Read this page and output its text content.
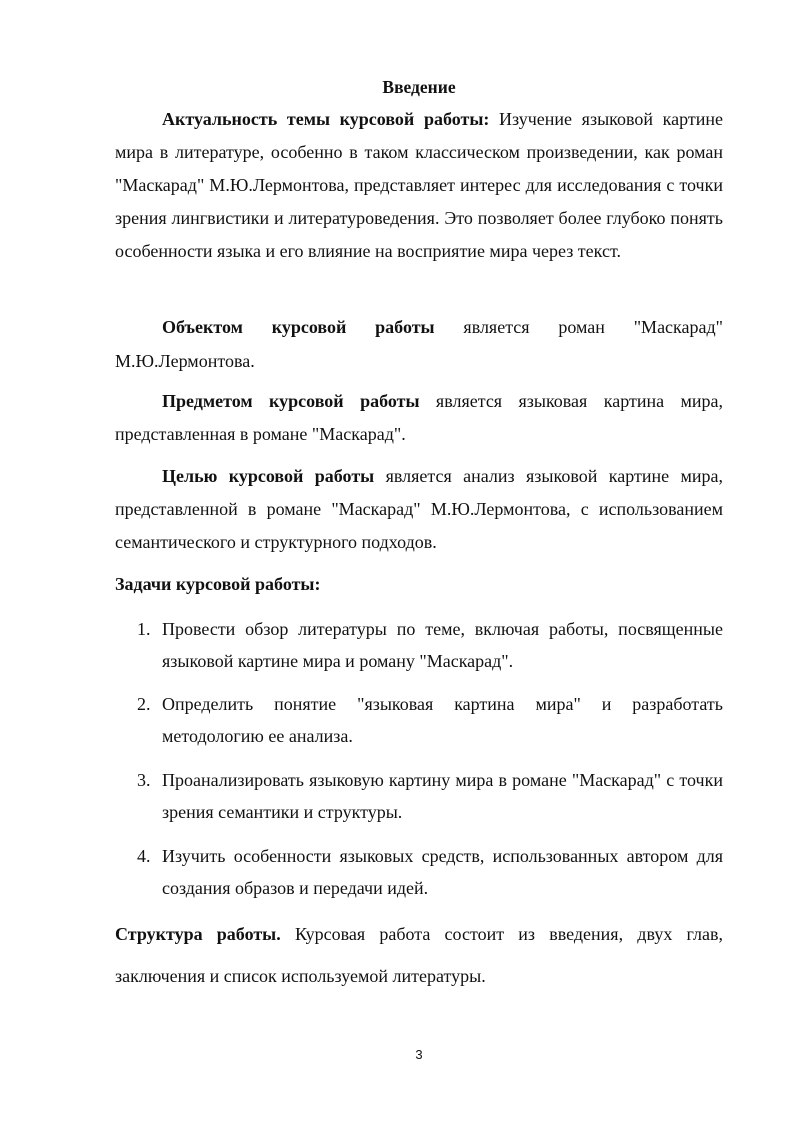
Введение

Актуальность темы курсовой работы: Изучение языковой картине мира в литературе, особенно в таком классическом произведении, как роман "Маскарад" М.Ю.Лермонтова, представляет интерес для исследования с точки зрения лингвистики и литературоведения. Это позволяет более глубоко понять особенности языка и его влияние на восприятие мира через текст.

Объектом курсовой работы является роман "Маскарад" М.Ю.Лермонтова.

Предметом курсовой работы является языковая картина мира, представленная в романе "Маскарад".

Целью курсовой работы является анализ языковой картине мира, представленной в романе "Маскарад" М.Ю.Лермонтова, с использованием семантического и структурного подходов.

Задачи курсовой работы:

1. Провести обзор литературы по теме, включая работы, посвященные языковой картине мира и роману "Маскарад".
2. Определить понятие "языковая картина мира" и разработать методологию ее анализа.
3. Проанализировать языковую картину мира в романе "Маскарад" с точки зрения семантики и структуры.
4. Изучить особенности языковых средств, использованных автором для создания образов и передачи идей.

Структура работы. Курсовая работа состоит из введения, двух глав, заключения и список используемой литературы.

3
